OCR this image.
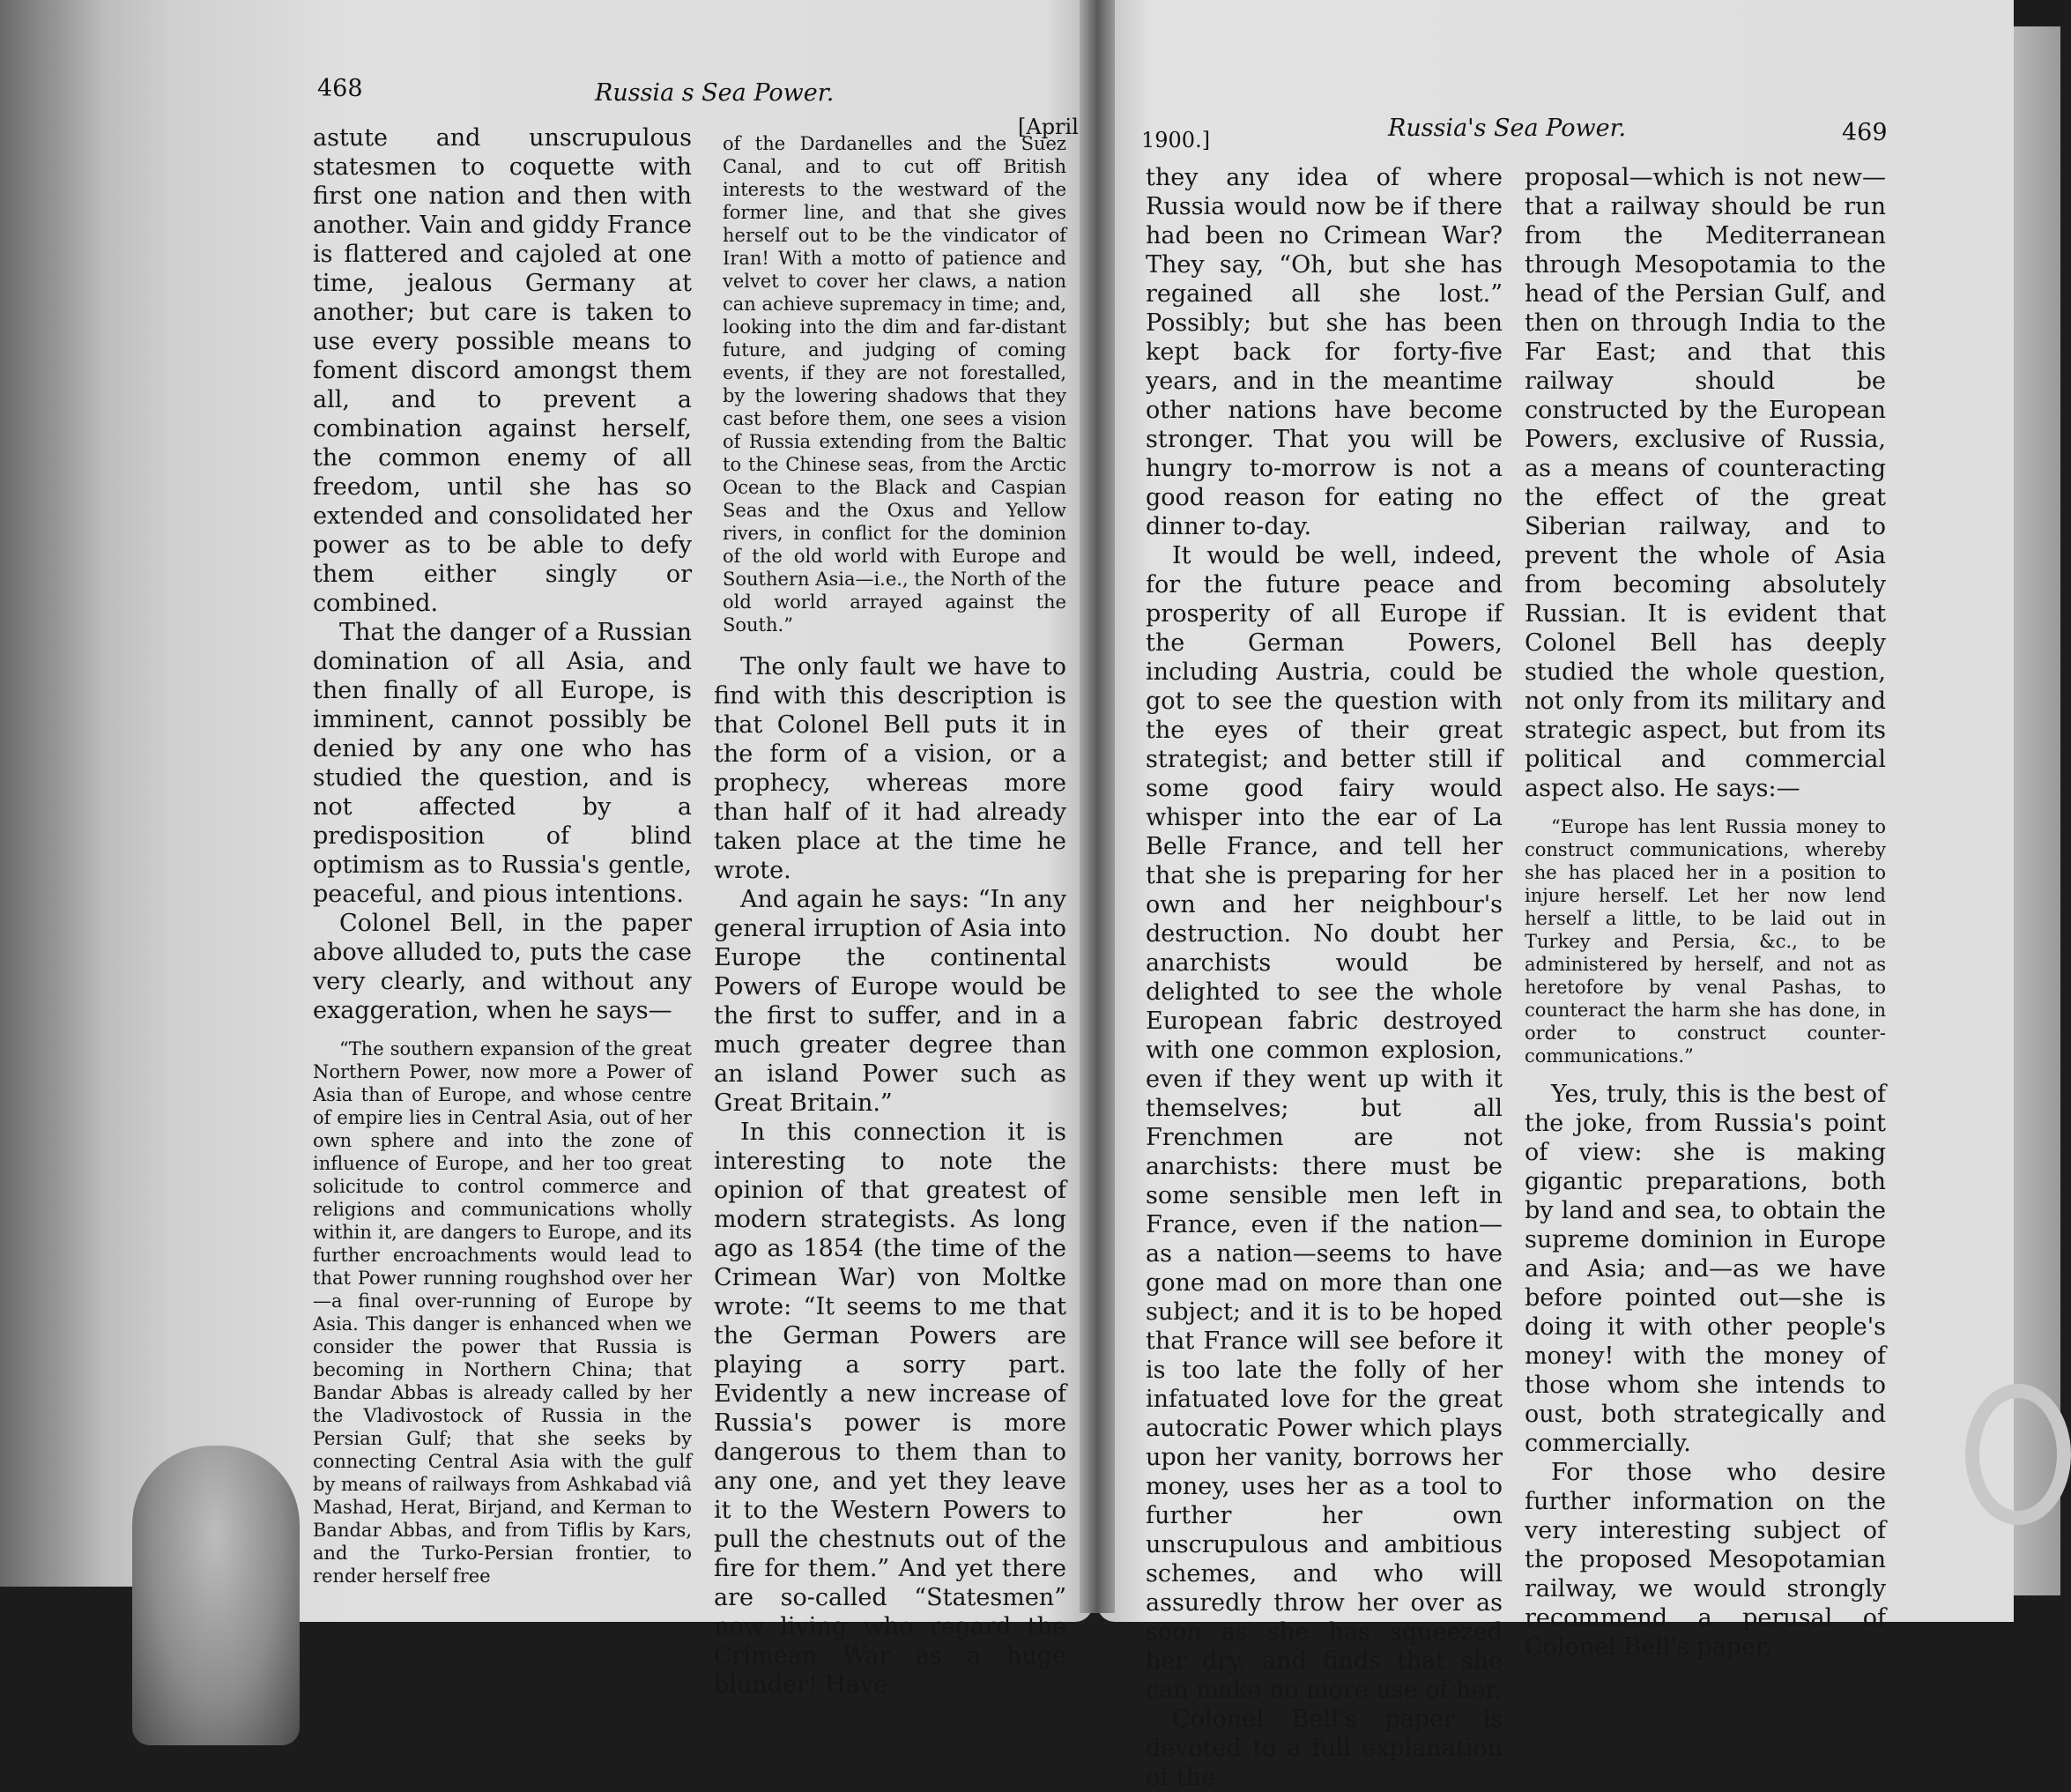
468	Russia s Sea Power.
[April

astute and unscrupulous statesmen to coquette with first one nation and then with another. Vain and giddy France is flattered and cajoled at one time, jealous Germany at another; but care is taken to use every possible means to foment discord amongst them all, and to prevent a combination against herself, the common enemy of all freedom, until she has so extended and consolidated her power as to be able to defy them either singly or combined.

That the danger of a Russian domination of all Asia, and then finally of all Europe, is imminent, cannot possibly be denied by any one who has studied the question, and is not affected by a predisposition of blind optimism as to Russia's gentle, peaceful, and pious intentions.

Colonel Bell, in the paper above alluded to, puts the case very clearly, and without any exaggeration, when he says—

“The southern expansion of the great Northern Power, now more a Power of Asia than of Europe, and whose centre of empire lies in Central Asia, out of her own sphere and into the zone of influence of Europe, and her too great solicitude to control commerce and religions and communications wholly within it, are dangers to Europe, and its further encroachments would lead to that Power running roughshod over her—a final over-running of Europe by Asia. This danger is enhanced when we consider the power that Russia is becoming in Northern China; that Bandar Abbas is already called by her the Vladivostock of Russia in the Persian Gulf; that she seeks by connecting Central Asia with the gulf by means of railways from Ashkabad viâ Mashad, Herat, Birjand, and Kerman to Bandar Abbas, and from Tiflis by Kars, and the Turko-Persian frontier, to render herself free

of the Dardanelles and the Suez Canal, and to cut off British interests to the westward of the former line, and that she gives herself out to be the vindicator of Iran! With a motto of patience and velvet to cover her claws, a nation can achieve supremacy in time; and, looking into the dim and far-distant future, and judging of coming events, if they are not forestalled, by the lowering shadows that they cast before them, one sees a vision of Russia extending from the Baltic to the Chinese seas, from the Arctic Ocean to the Black and Caspian Seas and the Oxus and Yellow rivers, in conflict for the dominion of the old world with Europe and Southern Asia—i.e., the North of the old world arrayed against the South.”

The only fault we have to find with this description is that Colonel Bell puts it in the form of a vision, or a prophecy, whereas more than half of it had already taken place at the time he wrote.

And again he says: “In any general irruption of Asia into Europe the continental Powers of Europe would be the first to suffer, and in a much greater degree than an island Power such as Great Britain.”

In this connection it is interesting to note the opinion of that greatest of modern strategists. As long ago as 1854 (the time of the Crimean War) von Moltke wrote: “It seems to me that the German Powers are playing a sorry part. Evidently a new increase of Russia's power is more dangerous to them than to any one, and yet they leave it to the Western Powers to pull the chestnuts out of the fire for them.” And yet there are so-called “Statesmen” now living who regard the Crimean War as a huge blunder! Have

1900.]	Russia's Sea Power.	469

they any idea of where Russia would now be if there had been no Crimean War? They say, “Oh, but she has regained all she lost.” Possibly; but she has been kept back for forty-five years, and in the meantime other nations have become stronger. That you will be hungry to-morrow is not a good reason for eating no dinner to-day.

It would be well, indeed, for the future peace and prosperity of all Europe if the German Powers, including Austria, could be got to see the question with the eyes of their great strategist; and better still if some good fairy would whisper into the ear of La Belle France, and tell her that she is preparing for her own and her neighbour's destruction. No doubt her anarchists would be delighted to see the whole European fabric destroyed with one common explosion, even if they went up with it themselves; but all Frenchmen are not anarchists: there must be some sensible men left in France, even if the nation—as a nation—seems to have gone mad on more than one subject; and it is to be hoped that France will see before it is too late the folly of her infatuated love for the great autocratic Power which plays upon her vanity, borrows her money, uses her as a tool to further her own unscrupulous and ambitious schemes, and who will assuredly throw her over as soon as she has squeezed her dry, and finds that she can make no more use of her.

Colonel Bell's paper is devoted to a full explanation of the

proposal—which is not new—that a railway should be run from the Mediterranean through Mesopotamia to the head of the Persian Gulf, and then on through India to the Far East; and that this railway should be constructed by the European Powers, exclusive of Russia, as a means of counteracting the effect of the great Siberian railway, and to prevent the whole of Asia from becoming absolutely Russian. It is evident that Colonel Bell has deeply studied the whole question, not only from its military and strategic aspect, but from its political and commercial aspect also. He says:—

“Europe has lent Russia money to construct communications, whereby she has placed her in a position to injure herself. Let her now lend herself a little, to be laid out in Turkey and Persia, &c., to be administered by herself, and not as heretofore by venal Pashas, to counteract the harm she has done, in order to construct counter-communications.”

Yes, truly, this is the best of the joke, from Russia's point of view: she is making gigantic preparations, both by land and sea, to obtain the supreme dominion in Europe and Asia; and—as we have before pointed out—she is doing it with other people's money! with the money of those whom she intends to oust, both strategically and commercially.

For those who desire further information on the very interesting subject of the proposed Mesopotamian railway, we would strongly recommend a perusal of Colonel Bell's paper,
